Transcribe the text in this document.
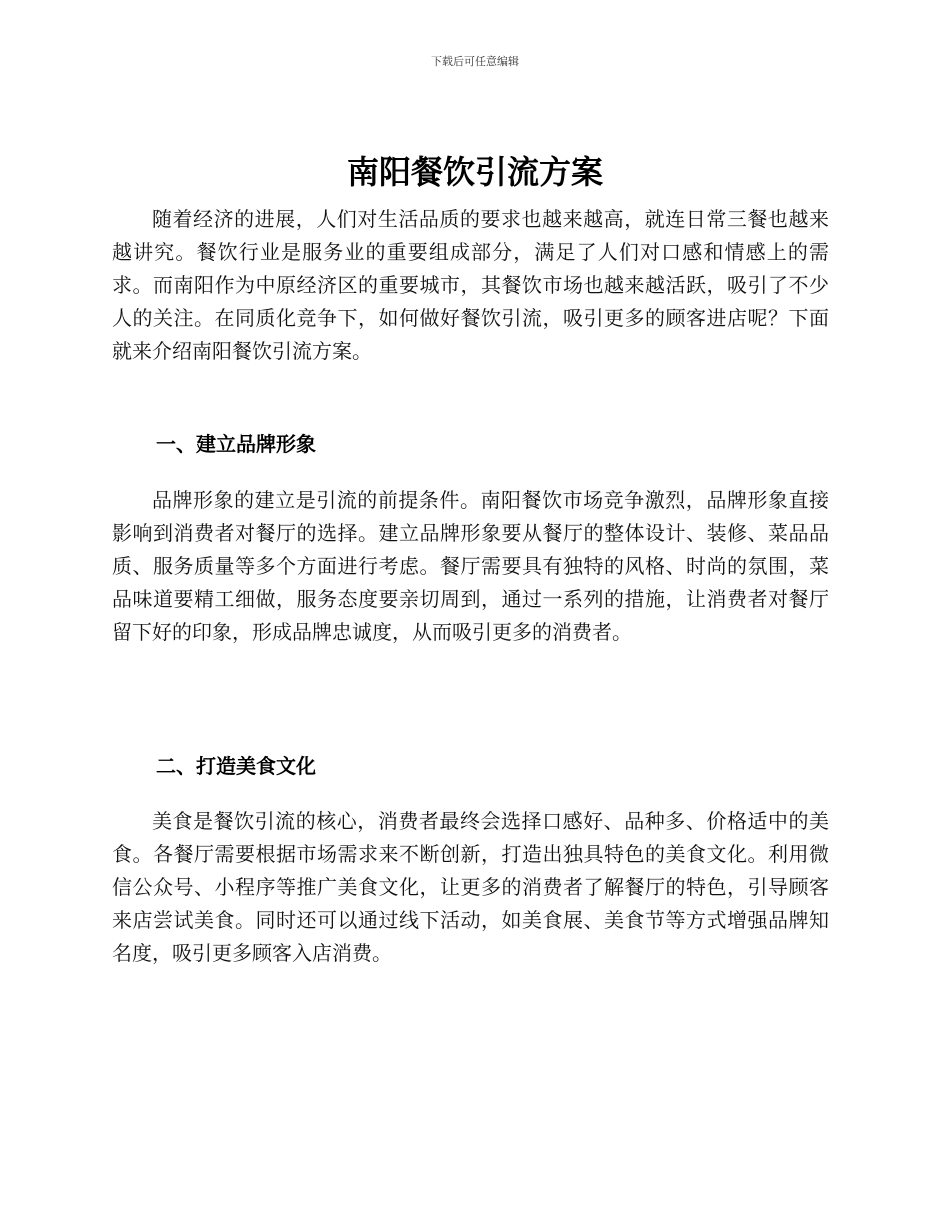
下载后可任意编辑
南阳餐饮引流方案

随着经济的进展，人们对生活品质的要求也越来越高，就连日常三餐也越来越讲究。餐饮行业是服务业的重要组成部分，满足了人们对口感和情感上的需求。而南阳作为中原经济区的重要城市，其餐饮市场也越来越活跃，吸引了不少人的关注。在同质化竞争下，如何做好餐饮引流，吸引更多的顾客进店呢？下面就来介绍南阳餐饮引流方案。

一、建立品牌形象

品牌形象的建立是引流的前提条件。南阳餐饮市场竞争激烈，品牌形象直接影响到消费者对餐厅的选择。建立品牌形象要从餐厅的整体设计、装修、菜品品质、服务质量等多个方面进行考虑。餐厅需要具有独特的风格、时尚的氛围，菜品味道要精工细做，服务态度要亲切周到，通过一系列的措施，让消费者对餐厅留下好的印象，形成品牌忠诚度，从而吸引更多的消费者。

二、打造美食文化

美食是餐饮引流的核心，消费者最终会选择口感好、品种多、价格适中的美食。各餐厅需要根据市场需求来不断创新，打造出独具特色的美食文化。利用微信公众号、小程序等推广美食文化，让更多的消费者了解餐厅的特色，引导顾客来店尝试美食。同时还可以通过线下活动，如美食展、美食节等方式增强品牌知名度，吸引更多顾客入店消费。
